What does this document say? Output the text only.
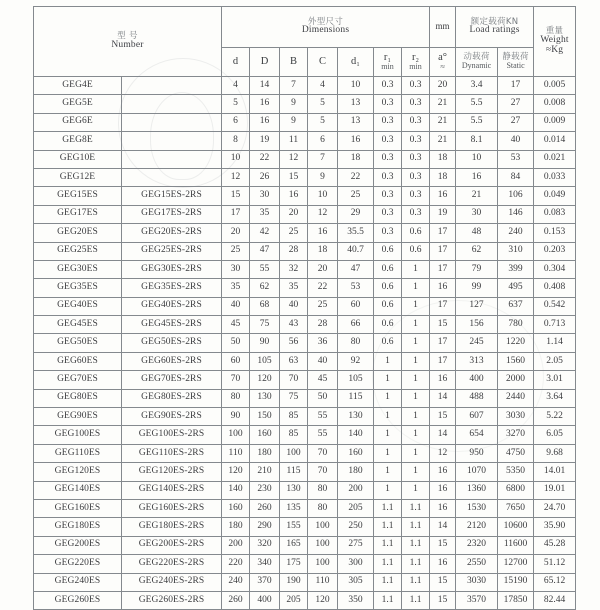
型 号
Number		外型尺寸
Dimensions							mm	额定载荷KN
Load ratings		重量
Weight
≈Kg

		d	D	B	C	d₁	r₁
min	r₂
min	a°
≈	动载荷
Dynamic	静载荷
Static	

GEG4E		4	14	7	4	10	0.3	0.3	20	3.4	17	0.005
GEG5E		5	16	9	5	13	0.3	0.3	21	5.5	27	0.008
GEG6E		6	16	9	5	13	0.3	0.3	21	5.5	27	0.009
GEG8E		8	19	11	6	16	0.3	0.3	21	8.1	40	0.014
GEG10E		10	22	12	7	18	0.3	0.3	18	10	53	0.021
GEG12E		12	26	15	9	22	0.3	0.3	18	16	84	0.033
GEG15ES	GEG15ES-2RS	15	30	16	10	25	0.3	0.3	16	21	106	0.049
GEG17ES	GEG17ES-2RS	17	35	20	12	29	0.3	0.3	19	30	146	0.083
GEG20ES	GEG20ES-2RS	20	42	25	16	35.5	0.3	0.6	17	48	240	0.153
GEG25ES	GEG25ES-2RS	25	47	28	18	40.7	0.6	0.6	17	62	310	0.203
GEG30ES	GEG30ES-2RS	30	55	32	20	47	0.6	1	17	79	399	0.304
GEG35ES	GEG35ES-2RS	35	62	35	22	53	0.6	1	16	99	495	0.408
GEG40ES	GEG40ES-2RS	40	68	40	25	60	0.6	1	17	127	637	0.542
GEG45ES	GEG45ES-2RS	45	75	43	28	66	0.6	1	15	156	780	0.713
GEG50ES	GEG50ES-2RS	50	90	56	36	80	0.6	1	17	245	1220	1.14
GEG60ES	GEG60ES-2RS	60	105	63	40	92	1	1	17	313	1560	2.05
GEG70ES	GEG70ES-2RS	70	120	70	45	105	1	1	16	400	2000	3.01
GEG80ES	GEG80ES-2RS	80	130	75	50	115	1	1	14	488	2440	3.64
GEG90ES	GEG90ES-2RS	90	150	85	55	130	1	1	15	607	3030	5.22
GEG100ES	GEG100ES-2RS	100	160	85	55	140	1	1	14	654	3270	6.05
GEG110ES	GEG110ES-2RS	110	180	100	70	160	1	1	12	950	4750	9.68
GEG120ES	GEG120ES-2RS	120	210	115	70	180	1	1	16	1070	5350	14.01
GEG140ES	GEG140ES-2RS	140	230	130	80	200	1	1	16	1360	6800	19.01
GEG160ES	GEG160ES-2RS	160	260	135	80	205	1.1	1.1	16	1530	7650	24.70
GEG180ES	GEG180ES-2RS	180	290	155	100	250	1.1	1.1	14	2120	10600	35.90
GEG200ES	GEG200ES-2RS	200	320	165	100	275	1.1	1.1	15	2320	11600	45.28
GEG220ES	GEG220ES-2RS	220	340	175	100	300	1.1	1.1	16	2550	12700	51.12
GEG240ES	GEG240ES-2RS	240	370	190	110	305	1.1	1.1	15	3030	15190	65.12
GEG260ES	GEG260ES-2RS	260	400	205	120	350	1.1	1.1	15	3570	17850	82.44
